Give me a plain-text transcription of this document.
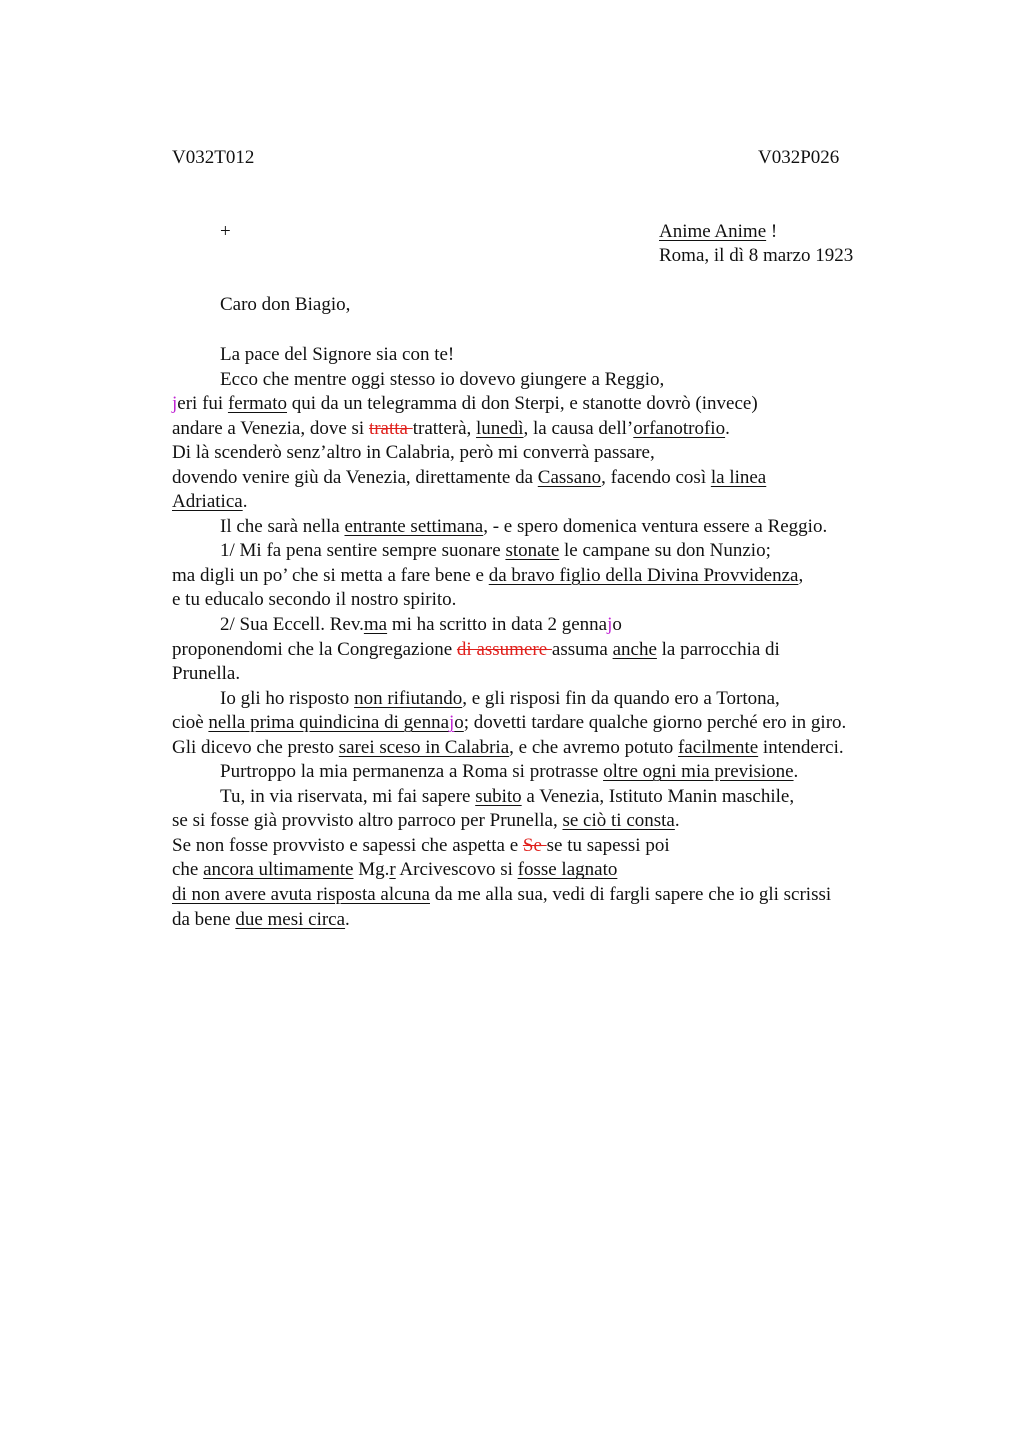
V032T012	V032P026
+	Anime Anime !
Roma, il dì 8 marzo 1923
Caro don Biagio,
La pace del Signore sia con te!
Ecco che mentre oggi stesso io dovevo giungere a Reggio,
jeri fui fermato qui da un telegramma di don Sterpi, e stanotte dovrò (invece)
andare a Venezia, dove si tratta tratterà, lunedì, la causa dell’orfanotrofio.
Di là scenderò senz’altro in Calabria, però mi converrà passare,
dovendo venire giù da Venezia, direttamente da Cassano, facendo così la linea
Adriatica.
Il che sarà nella entrante settimana, - e spero domenica ventura essere a Reggio.
1/ Mi fa pena sentire sempre suonare stonate le campane su don Nunzio;
ma digli un po’ che si metta a fare bene e da bravo figlio della Divina Provvidenza,
e tu educalo secondo il nostro spirito.
2/ Sua Eccell. Rev.ma mi ha scritto in data 2 gennajo
proponendomi che la Congregazione di assumere assuma anche la parrocchia di
Prunella.
Io gli ho risposto non rifiutando, e gli risposi fin da quando ero a Tortona,
cioè nella prima quindicina di gennajo; dovetti tardare qualche giorno perché ero in giro.
Gli dicevo che presto sarei sceso in Calabria, e che avremo potuto facilmente intenderci.
Purtroppo la mia permanenza a Roma si protrasse oltre ogni mia previsione.
Tu, in via riservata, mi fai sapere subito a Venezia, Istituto Manin maschile,
se si fosse già provvisto altro parroco per Prunella, se ciò ti consta.
Se non fosse provvisto e sapessi che aspetta e Se se tu sapessi poi
che ancora ultimamente Mg.r Arcivescovo si fosse lagnato
di non avere avuta risposta alcuna da me alla sua, vedi di fargli sapere che io gli scrissi
da bene due mesi circa.
